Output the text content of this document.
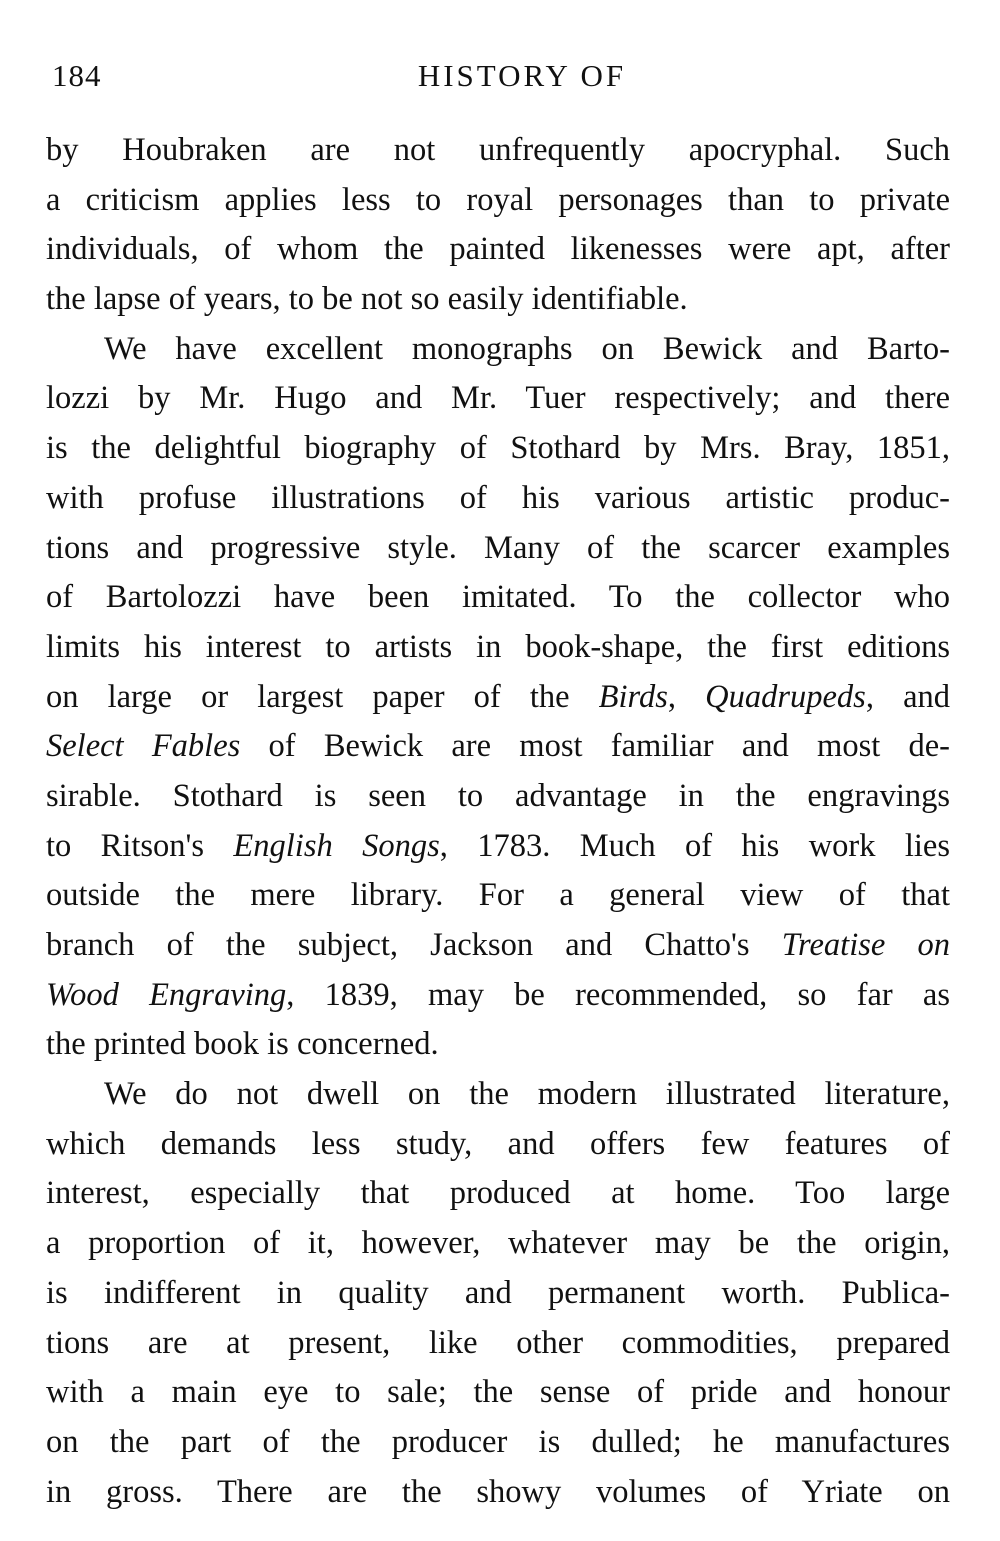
184	HISTORY OF
by Houbraken are not unfrequently apocryphal. Such
a criticism applies less to royal personages than to private
individuals, of whom the painted likenesses were apt, after
the lapse of years, to be not so easily identifiable.
We have excellent monographs on Bewick and Barto-
lozzi by Mr. Hugo and Mr. Tuer respectively; and there
is the delightful biography of Stothard by Mrs. Bray, 1851,
with profuse illustrations of his various artistic produc-
tions and progressive style. Many of the scarcer examples
of Bartolozzi have been imitated. To the collector who
limits his interest to artists in book-shape, the first editions
on large or largest paper of the Birds, Quadrupeds, and
Select Fables of Bewick are most familiar and most de-
sirable. Stothard is seen to advantage in the engravings
to Ritson's English Songs, 1783. Much of his work lies
outside the mere library. For a general view of that
branch of the subject, Jackson and Chatto's Treatise on
Wood Engraving, 1839, may be recommended, so far as
the printed book is concerned.
We do not dwell on the modern illustrated literature,
which demands less study, and offers few features of
interest, especially that produced at home. Too large
a proportion of it, however, whatever may be the origin,
is indifferent in quality and permanent worth. Publica-
tions are at present, like other commodities, prepared
with a main eye to sale; the sense of pride and honour
on the part of the producer is dulled; he manufactures
in gross. There are the showy volumes of Yriate on
